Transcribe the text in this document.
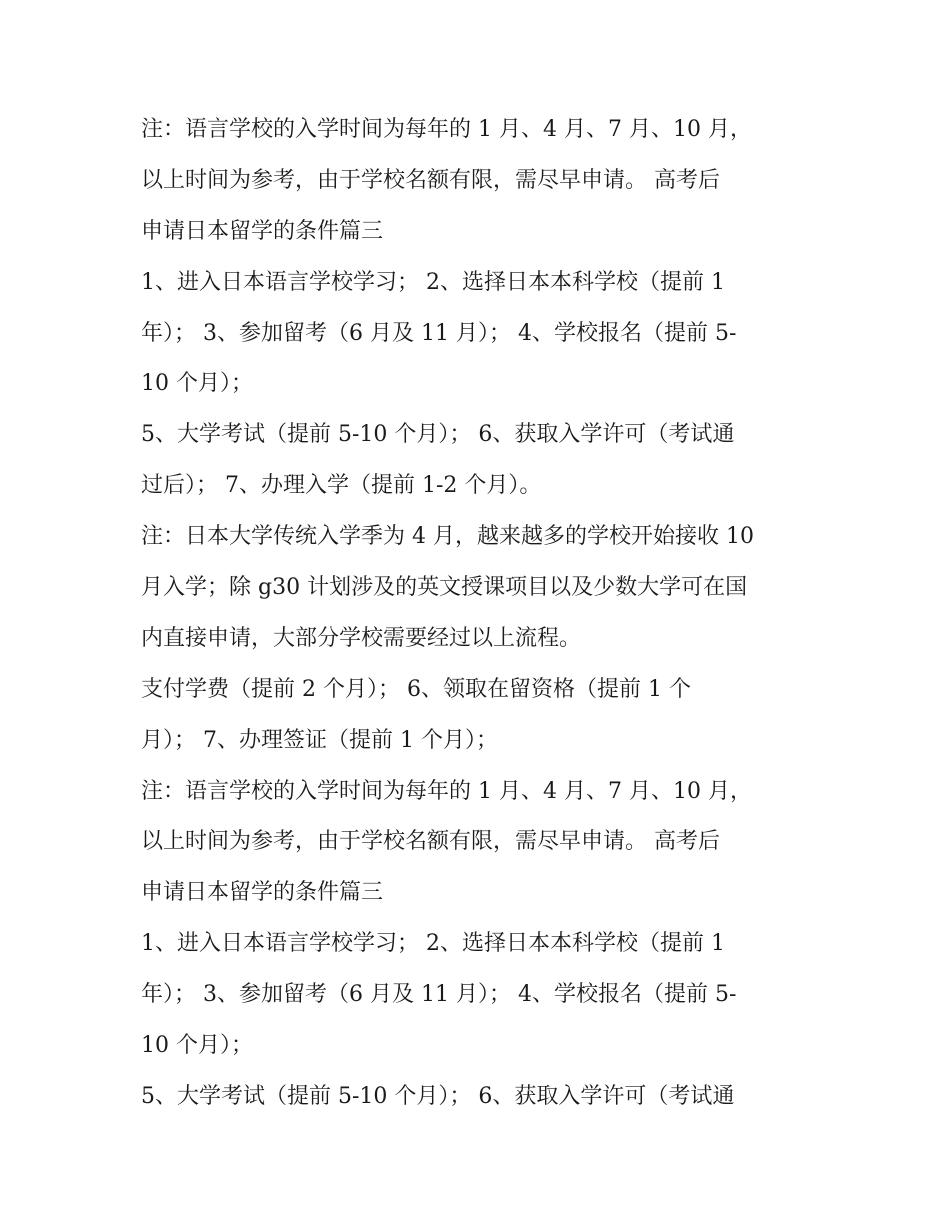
注：语言学校的入学时间为每年的 1 月、4 月、7 月、10 月，
以上时间为参考，由于学校名额有限，需尽早申请。 高考后
申请日本留学的条件篇三
1、进入日本语言学校学习； 2、选择日本本科学校（提前 1
年）； 3、参加留考（6 月及 11 月）； 4、学校报名（提前 5-
10 个月）；
5、大学考试（提前 5-10 个月）； 6、获取入学许可（考试通
过后）； 7、办理入学（提前 1-2 个月）。
注：日本大学传统入学季为 4 月，越来越多的学校开始接收 10
月入学；除 g30 计划涉及的英文授课项目以及少数大学可在国
内直接申请，大部分学校需要经过以上流程。
支付学费（提前 2 个月）； 6、领取在留资格（提前 1 个
月）； 7、办理签证（提前 1 个月）；
注：语言学校的入学时间为每年的 1 月、4 月、7 月、10 月，
以上时间为参考，由于学校名额有限，需尽早申请。 高考后
申请日本留学的条件篇三
1、进入日本语言学校学习； 2、选择日本本科学校（提前 1
年）； 3、参加留考（6 月及 11 月）； 4、学校报名（提前 5-
10 个月）；
5、大学考试（提前 5-10 个月）； 6、获取入学许可（考试通
